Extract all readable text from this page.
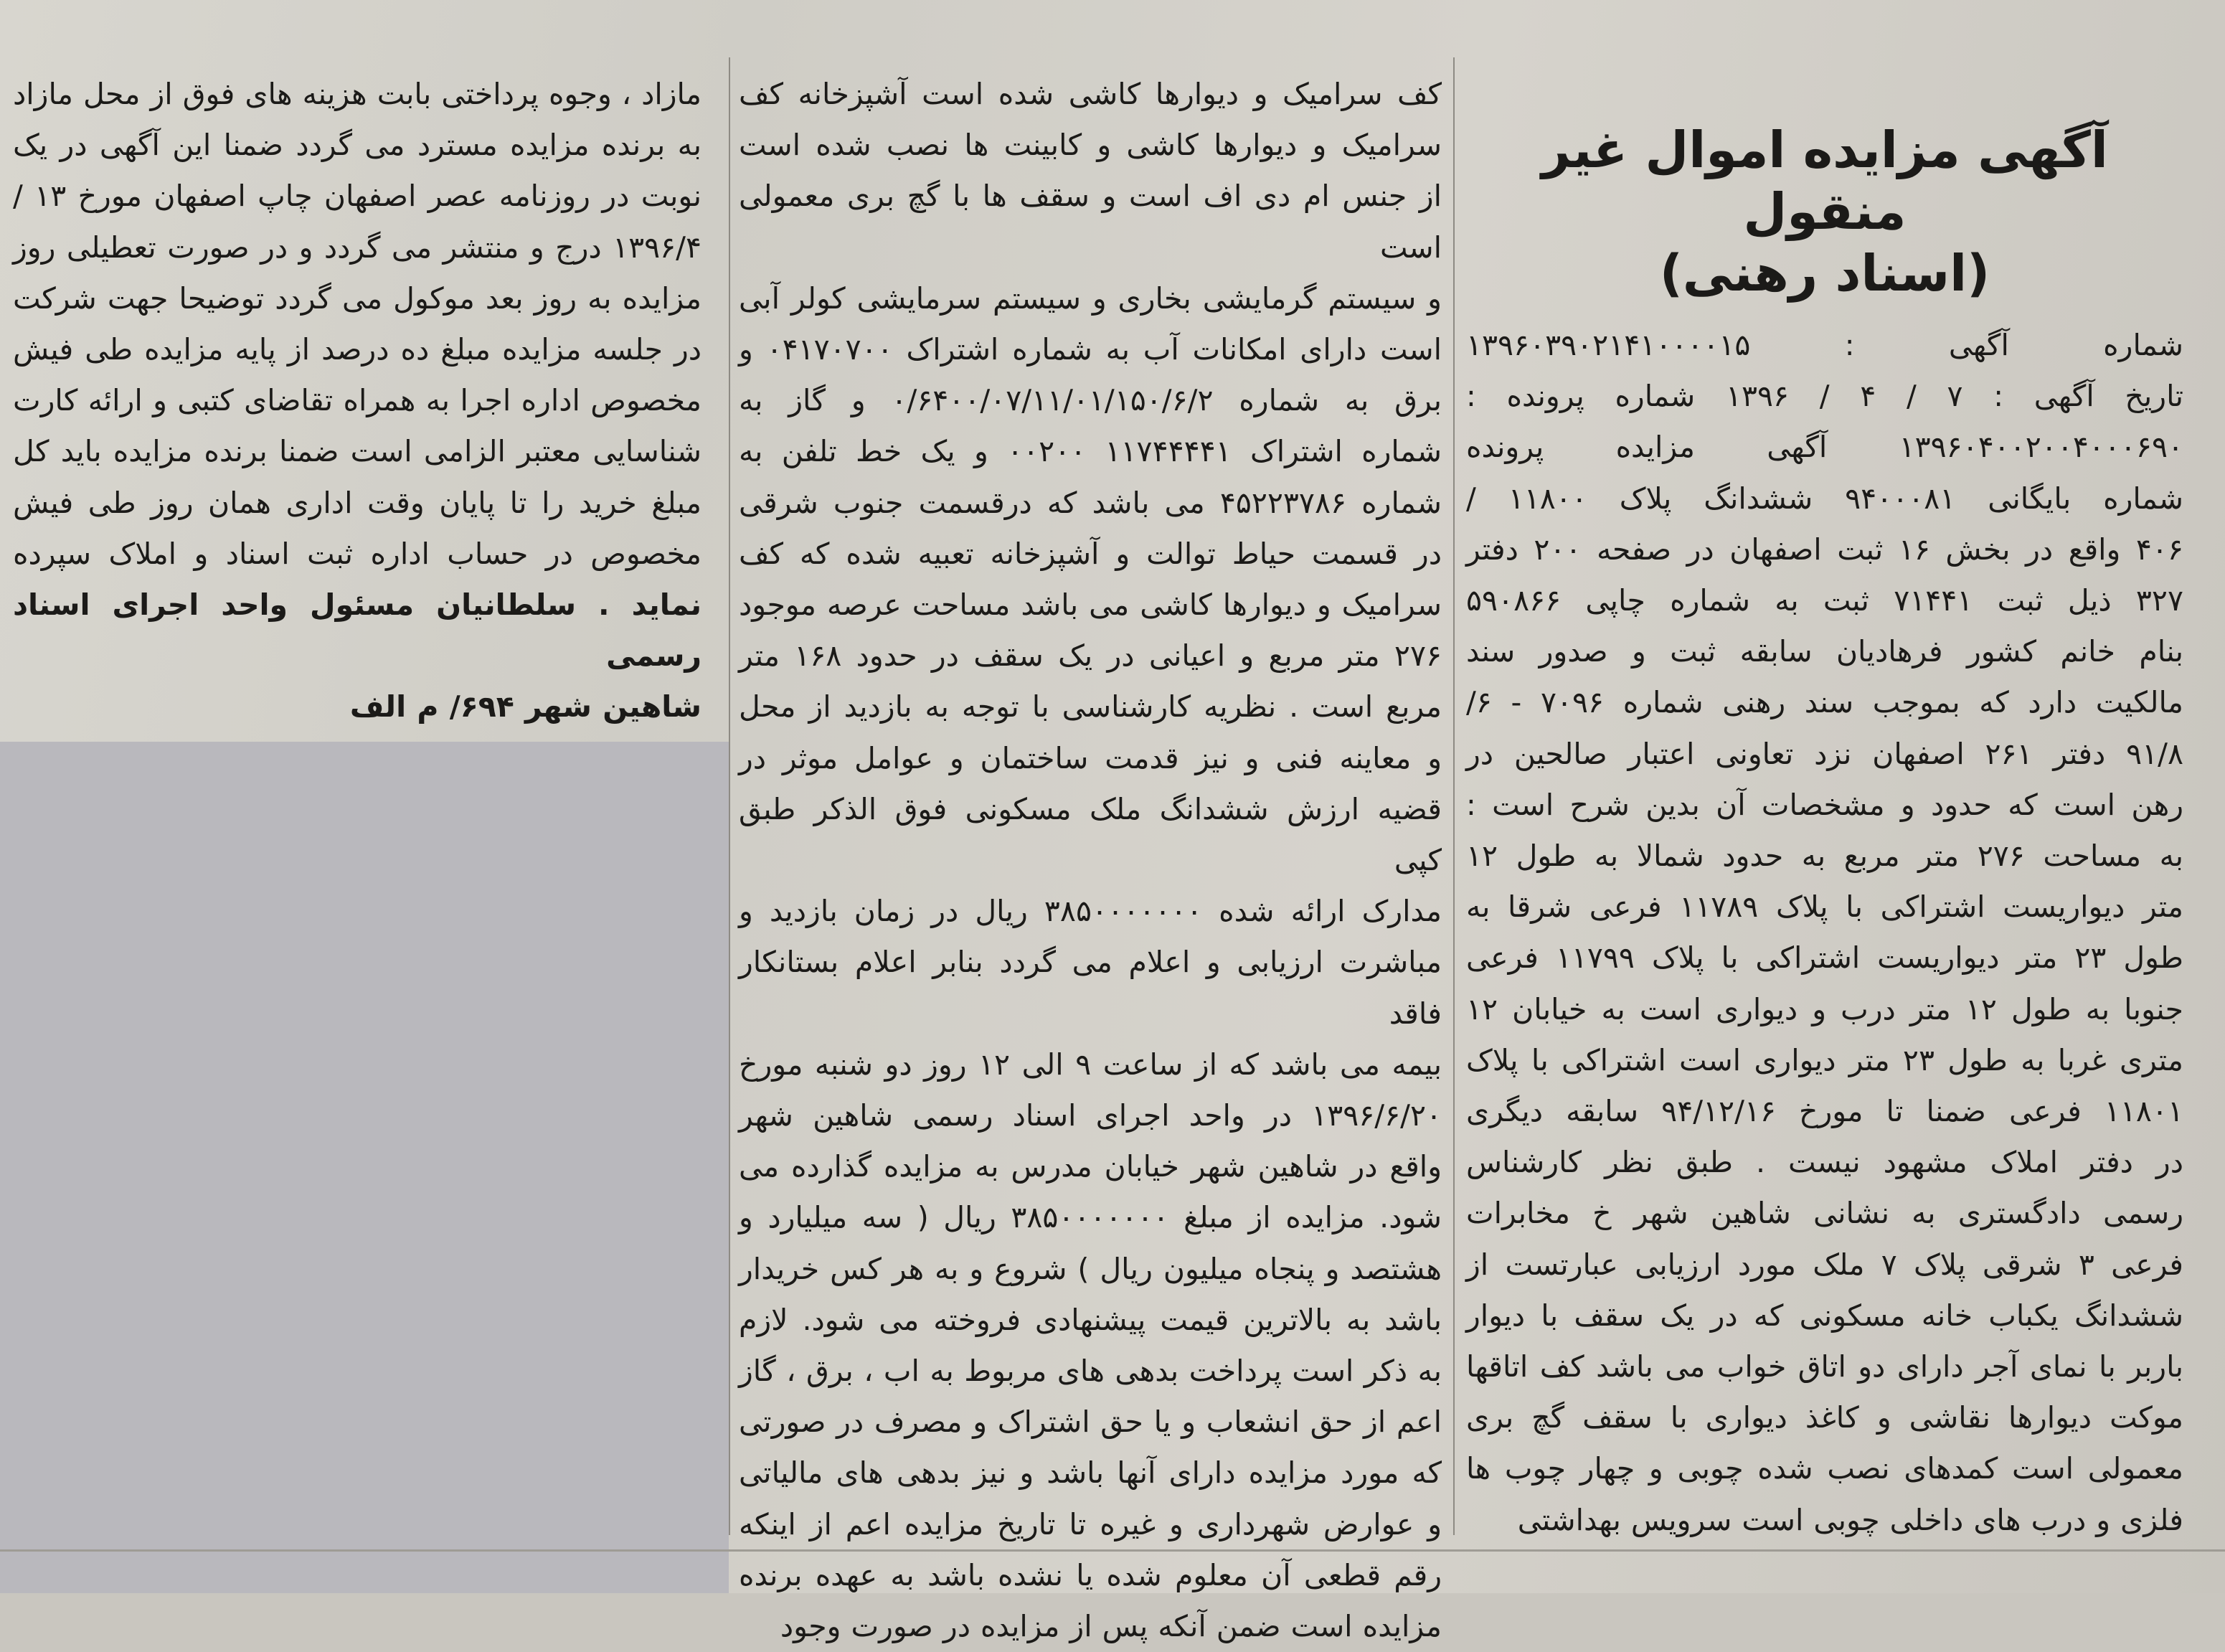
آگهی مزایده اموال غیر منقول
(اسناد رهنی)
شماره آگهی : ۱۳۹۶۰۳۹۰۲۱۴۱۰۰۰۰۱۵
تاریخ آگهی : ۷ / ۴ / ۱۳۹۶ شماره پرونده :
۱۳۹۶۰۴۰۰۲۰۰۴۰۰۰۶۹۰ آگهی مزایده پرونده
شماره بایگانی ۹۴۰۰۰۸۱ ششدانگ پلاک ۱۱۸۰۰ /
۴۰۶ واقع در بخش ۱۶ ثبت اصفهان در صفحه ۲۰۰ دفتر
۳۲۷ ذیل ثبت ۷۱۴۴۱ ثبت به شماره چاپی ۵۹۰۸۶۶
بنام خانم کشور فرهادیان سابقه ثبت و صدور سند
مالکیت دارد که بموجب سند رهنی شماره ۷۰۹۶ - ۶/
۹۱/۸ دفتر ۲۶۱ اصفهان نزد تعاونی اعتبار صالحین در
رهن است که حدود و مشخصات آن بدین شرح است :
به مساحت ۲۷۶ متر مربع به حدود شمالا به طول ۱۲
متر دیواریست اشتراکی با پلاک ۱۱۷۸۹ فرعی شرقا به
طول ۲۳ متر دیواریست اشتراکی با پلاک ۱۱۷۹۹ فرعی
جنوبا به طول ۱۲ متر درب و دیواری است به خیابان ۱۲
متری غربا به طول ۲۳ متر دیواری است اشتراکی با پلاک
۱۱۸۰۱ فرعی ضمنا تا مورخ ۹۴/۱۲/۱۶ سابقه دیگری
در دفتر املاک مشهود نیست . طبق نظر کارشناس
رسمی دادگستری به نشانی شاهین شهر خ مخابرات
فرعی ۳ شرقی پلاک ۷ ملک مورد ارزیابی عبارتست از
ششدانگ یکباب خانه مسکونی که در یک سقف با دیوار
باربر با نمای آجر دارای دو اتاق خواب می باشد کف اتاقها
موکت دیوارها نقاشی و کاغذ دیواری با سقف گچ بری
معمولی است کمدهای نصب شده چوبی و چهار چوب ها
فلزی و درب های داخلی چوبی است سرویس بهداشتی
کف سرامیک و دیوارها کاشی شده است آشپزخانه کف
سرامیک و دیوارها کاشی و کابینت ها نصب شده است
از جنس ام دی اف است و سقف ها با گچ بری معمولی است
و سیستم گرمایشی بخاری و سیستم سرمایشی کولر آبی
است دارای امکانات آب به شماره اشتراک ۰۴۱۷۰۷۰۰ و
برق به شماره ۰/۶۴۰۰/۰۷/۱۱/۰۱/۱۵۰/۶/۲ و گاز به
شماره اشتراک ۱۱۷۴۴۴۴۱ ۰۰۲۰۰ و یک خط تلفن به
شماره ۴۵۲۲۳۷۸۶ می باشد که درقسمت جنوب شرقی
در قسمت حیاط توالت و آشپزخانه تعبیه شده که کف
سرامیک و دیوارها کاشی می باشد مساحت عرصه موجود
۲۷۶ متر مربع و اعیانی در یک سقف در حدود ۱۶۸ متر
مربع است . نظریه کارشناسی با توجه به بازدید از محل
و معاینه فنی و نیز قدمت ساختمان و عوامل موثر در
قضیه ارزش ششدانگ ملک مسکونی فوق الذکر طبق کپی
مدارک ارائه شده ۳۸۵۰۰۰۰۰۰۰ ریال در زمان بازدید و
مباشرت ارزیابی و اعلام می گردد بنابر اعلام بستانکار فاقد
بیمه می باشد که از ساعت ۹ الی ۱۲ روز دو شنبه مورخ
۱۳۹۶/۶/۲۰ در واحد اجرای اسناد رسمی شاهین شهر
واقع در شاهین شهر خیابان مدرس به مزایده گذارده می
شود. مزایده از مبلغ ۳۸۵۰۰۰۰۰۰۰ ریال ( سه میلیارد و
هشتصد و پنجاه میلیون ریال ) شروع و به هر کس خریدار
باشد به بالاترین قیمت پیشنهادی فروخته می شود. لازم
به ذکر است پرداخت بدهی های مربوط به اب ، برق ، گاز
اعم از حق انشعاب و یا حق اشتراک و مصرف در صورتی
که مورد مزایده دارای آنها باشد و نیز بدهی های مالیاتی
و عوارض شهرداری و غیره تا تاریخ مزایده اعم از اینکه
رقم قطعی آن معلوم شده یا نشده باشد به عهده برنده
مزایده است ضمن آنکه پس از مزایده در صورت وجود
مازاد ، وجوه پرداختی بابت هزینه های فوق از محل مازاد
به برنده مزایده مسترد می گردد ضمنا این آگهی در یک
نوبت در روزنامه عصر اصفهان چاپ اصفهان مورخ ۱۳ /
۱۳۹۶/۴ درج و منتشر می گردد و در صورت تعطیلی روز
مزایده به روز بعد موکول می گردد توضیحا جهت شرکت
در جلسه مزایده مبلغ ده درصد از پایه مزایده طی فیش
مخصوص اداره اجرا به همراه تقاضای کتبی و ارائه کارت
شناسایی معتبر الزامی است ضمنا برنده مزایده باید کل
مبلغ خرید را تا پایان وقت اداری همان روز طی فیش
مخصوص در حساب اداره ثبت اسناد و املاک سپرده
نماید . سلطانیان مسئول واحد اجرای اسناد رسمی
شاهین شهر ۶۹۴/ م الف
